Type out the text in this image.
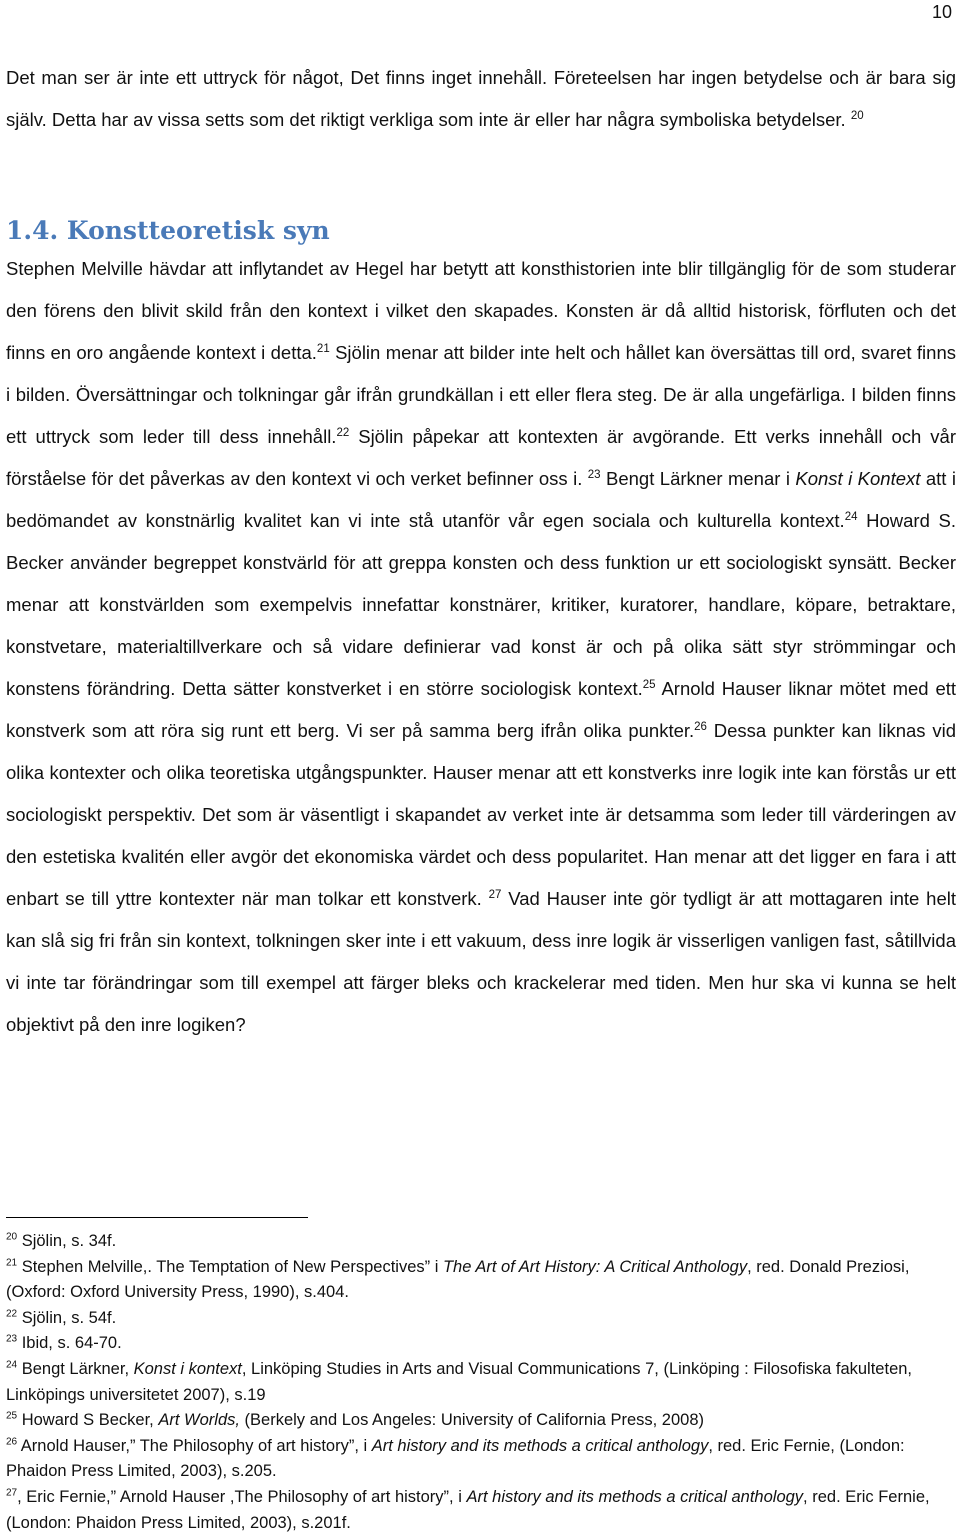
10

Det man ser är inte ett uttryck för något, Det finns inget innehåll. Företeelsen har ingen betydelse och är bara sig själv. Detta har av vissa setts som det riktigt verkliga som inte är eller har några symboliska betydelser. $^{20}$

1.4. Konstteoretisk syn

Stephen Melville hävdar att inflytandet av Hegel har betytt att konsthistorien inte blir tillgänglig för de som studerar den förens den blivit skild från den kontext i vilket den skapades. Konsten är då alltid historisk, förfluten och det finns en oro angående kontext i detta.$^{21}$ Sjölin menar att bilder inte helt och hållet kan översättas till ord, svaret finns i bilden. Översättningar och tolkningar går ifrån grundkällan i ett eller flera steg. De är alla ungefärliga. I bilden finns ett uttryck som leder till dess innehåll.$^{22}$ Sjölin påpekar att kontexten är avgörande. Ett verks innehåll och vår förståelse för det påverkas av den kontext vi och verket befinner oss i. $^{23}$ Bengt Lärkner menar i Konst i Kontext att i bedömandet av konstnärlig kvalitet kan vi inte stå utanför vår egen sociala och kulturella kontext.$^{24}$ Howard S. Becker använder begreppet konstvärld för att greppa konsten och dess funktion ur ett sociologiskt synsätt. Becker menar att konstvärlden som exempelvis innefattar konstnärer, kritiker, kuratorer, handlare, köpare, betraktare, konstvetare, materialtillverkare och så vidare definierar vad konst är och på olika sätt styr strömmingar och konstens förändring. Detta sätter konstverket i en större sociologisk kontext.$^{25}$ Arnold Hauser liknar mötet med ett konstverk som att röra sig runt ett berg. Vi ser på samma berg ifrån olika punkter.$^{26}$ Dessa punkter kan liknas vid olika kontexter och olika teoretiska utgångspunkter. Hauser menar att ett konstverks inre logik inte kan förstås ur ett sociologiskt perspektiv. Det som är väsentligt i skapandet av verket inte är detsamma som leder till värderingen av den estetiska kvalitén eller avgör det ekonomiska värdet och dess popularitet. Han menar att det ligger en fara i att enbart se till yttre kontexter när man tolkar ett konstverk. $^{27}$ Vad Hauser inte gör tydligt är att mottagaren inte helt kan slå sig fri från sin kontext, tolkningen sker inte i ett vakuum, dess inre logik är visserligen vanligen fast, såtillvida vi inte tar förändringar som till exempel att färger bleks och krackelerar med tiden. Men hur ska vi kunna se helt objektivt på den inre logiken?

$^{20}$ Sjölin, s. 34f.

$^{21}$ Stephen Melville,. The Temptation of New Perspectives” i The Art of Art History: A Critical Anthology, red. Donald Preziosi, (Oxford: Oxford University Press, 1990), s.404.

$^{22}$ Sjölin, s. 54f.

$^{23}$ Ibid, s. 64-70.

$^{24}$ Bengt Lärkner, Konst i kontext, Linköping Studies in Arts and Visual Communications 7, (Linköping : Filosofiska fakulteten, Linköpings universitetet 2007), s.19

$^{25}$ Howard S Becker, Art Worlds, (Berkely and Los Angeles: University of California Press, 2008)

$^{26}$ Arnold Hauser,” The Philosophy of art history”, i Art history and its methods a critical anthology, red. Eric Fernie, (London: Phaidon Press Limited, 2003), s.205.

$^{27}$, Eric Fernie,” Arnold Hauser ,The Philosophy of art history”, i Art history and its methods a critical anthology, red. Eric Fernie, (London: Phaidon Press Limited, 2003), s.201f.
